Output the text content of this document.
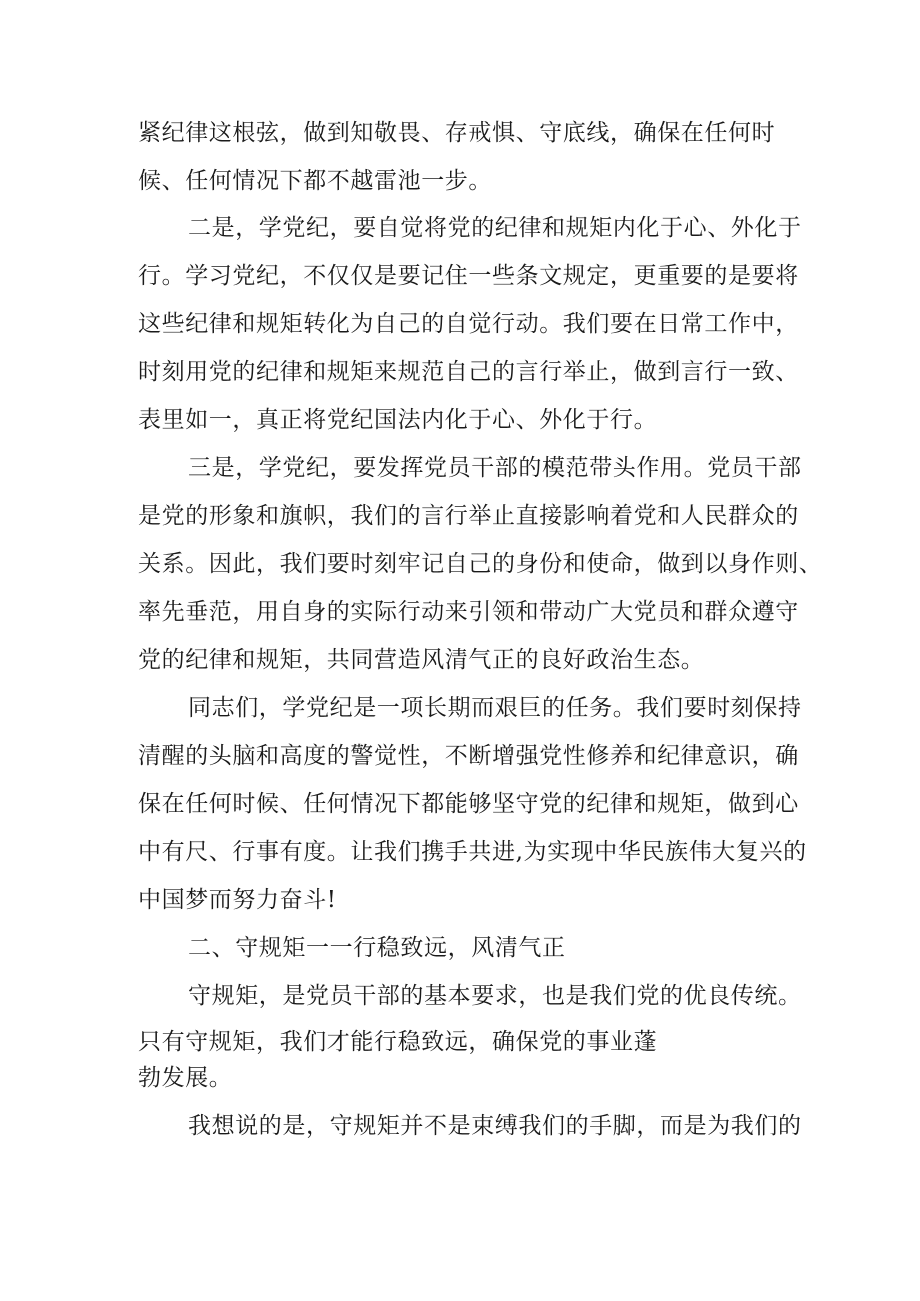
紧纪律这根弦，做到知敬畏、存戒惧、守底线，确保在任何时

候、任何情况下都不越雷池一步。

二是，学党纪，要自觉将党的纪律和规矩内化于心、外化于

行。学习党纪，不仅仅是要记住一些条文规定，更重要的是要将

这些纪律和规矩转化为自己的自觉行动。我们要在日常工作中，

时刻用党的纪律和规矩来规范自己的言行举止，做到言行一致、

表里如一，真正将党纪国法内化于心、外化于行。

三是，学党纪，要发挥党员干部的模范带头作用。党员干部

是党的形象和旗帜，我们的言行举止直接影响着党和人民群众的

关系。因此，我们要时刻牢记自己的身份和使命，做到以身作则、

率先垂范，用自身的实际行动来引领和带动广大党员和群众遵守

党的纪律和规矩，共同营造风清气正的良好政治生态。

同志们，学党纪是一项长期而艰巨的任务。我们要时刻保持

清醒的头脑和高度的警觉性，不断增强党性修养和纪律意识，确

保在任何时候、任何情况下都能够坚守党的纪律和规矩，做到心

中有尺、行事有度。让我们携手共进,为实现中华民族伟大复兴的

中国梦而努力奋斗!

二、守规矩一一行稳致远，风清气正

守规矩，是党员干部的基本要求，也是我们党的优良传统。

只有守规矩，我们才能行稳致远，确保党的事业蓬

勃发展。

我想说的是，守规矩并不是束缚我们的手脚，而是为我们的
